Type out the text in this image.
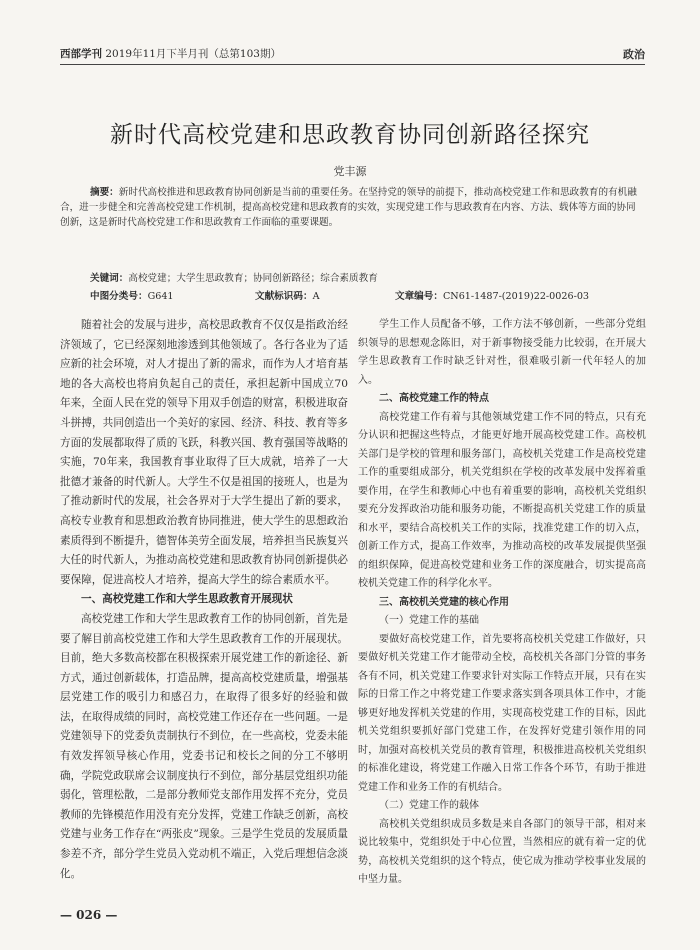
西部学刊 2019年11月下半月刊（总第103期）	政治
新时代高校党建和思政教育协同创新路径探究
党丰源
摘要：新时代高校推进和思政教育协同创新是当前的重要任务。在坚持党的领导的前提下，推动高校党建工作和思政教育的有机融合，进一步健全和完善高校党建工作机制，提高高校党建和思政教育的实效，实现党建工作与思政教育在内容、方法、载体等方面的协同创新，这是新时代高校党建工作和思政教育工作面临的重要课题。
关键词：高校党建；大学生思政教育；协同创新路径；综合素质教育
中图分类号：G641	文献标识码：A	文章编号：CN61-1487-(2019)22-0026-03

随着社会的发展与进步，高校思政教育不仅仅是指政治经济领域了，它已经深刻地渗透到其他领域了。各行各业为了适应新的社会环境，对人才提出了新的需求，而作为人才培育基地的各大高校也将肩负起自己的责任，承担起新中国成立70年来，全面人民在党的领导下用双手创造的财富，积极进取奋斗拼搏，共同创造出一个美好的家园、经济、科技、教育等多方面的发展都取得了质的飞跃，科教兴国、教育强国等战略的实施，70年来，我国教育事业取得了巨大成就，培养了一大批德才兼备的时代新人。大学生不仅是祖国的接班人，也是为了推动新时代的发展，社会各界对于大学生提出了新的要求，高校专业教育和思想政治教育协同推进，使大学生的思想政治素质得到不断提升，德智体美劳全面发展，培养担当民族复兴大任的时代新人，为推动高校党建和思政教育协同创新提供必要保障，促进高校人才培养，提高大学生的综合素质水平。

一、高校党建工作和大学生思政教育开展现状

高校党建工作和大学生思政教育工作的协同创新，首先是要了解目前高校党建工作和大学生思政教育工作的开展现状。目前，绝大多数高校都在积极探索开展党建工作的新途径、新方式，通过创新载体，打造品牌，提高高校党建质量，增强基层党建工作的吸引力和感召力，在取得了很多好的经验和做法，在取得成绩的同时，高校党建工作还存在一些问题。一是党建领导下的党委负责制执行不到位，在一些高校，党委未能有效发挥领导核心作用，党委书记和校长之间的分工不够明确，学院党政联席会议制度执行不到位，部分基层党组织功能弱化，管理松散，二是部分教师党支部作用发挥不充分，党员教师的先锋模范作用没有充分发挥，党建工作缺乏创新，高校党建与业务工作存在“两张皮”现象。三是学生党员的发展质量参差不齐，部分学生党员入党动机不端正，入党后理想信念淡化。

学生工作人员配备不够，工作方法不够创新，一些部分党组织领导的思想观念陈旧，对于新事物接受能力比较弱，在开展大学生思政教育工作时缺乏针对性，很难吸引新一代年轻人的加入。

二、高校党建工作的特点

高校党建工作有着与其他领域党建工作不同的特点，只有充分认识和把握这些特点，才能更好地开展高校党建工作。高校机关部门是学校的管理和服务部门，高校机关党建工作是高校党建工作的重要组成部分，机关党组织在学校的改革发展中发挥着重要作用，在学生和教师心中也有着重要的影响，高校机关党组织要充分发挥政治功能和服务功能，不断提高机关党建工作的质量和水平，要结合高校机关工作的实际，找准党建工作的切入点，创新工作方式，提高工作效率，为推动高校的改革发展提供坚强的组织保障，促进高校党建和业务工作的深度融合，切实提高高校机关党建工作的科学化水平。

三、高校机关党建的核心作用
（一）党建工作的基础

要做好高校党建工作，首先要将高校机关党建工作做好，只要做好机关党建工作才能带动全校，高校机关各部门分管的事务各有不同，机关党建工作要求针对实际工作特点开展，只有在实际的日常工作之中将党建工作要求落实到各项具体工作中，才能够更好地发挥机关党建的作用，实现高校党建工作的目标，因此机关党组织要抓好部门党建工作，在发挥好党建引领作用的同时，加强对高校机关党员的教育管理，积极推进高校机关党组织的标准化建设，将党建工作融入日常工作各个环节，有助于推进党建工作和业务工作的有机结合。

（二）党建工作的载体

高校机关党组织成员多数是来自各部门的领导干部，相对来说比较集中，党组织处于中心位置，当然相应的就有着一定的优势，高校机关党组织的这个特点，使它成为推动学校事业发展的中坚力量。

— 026 —
